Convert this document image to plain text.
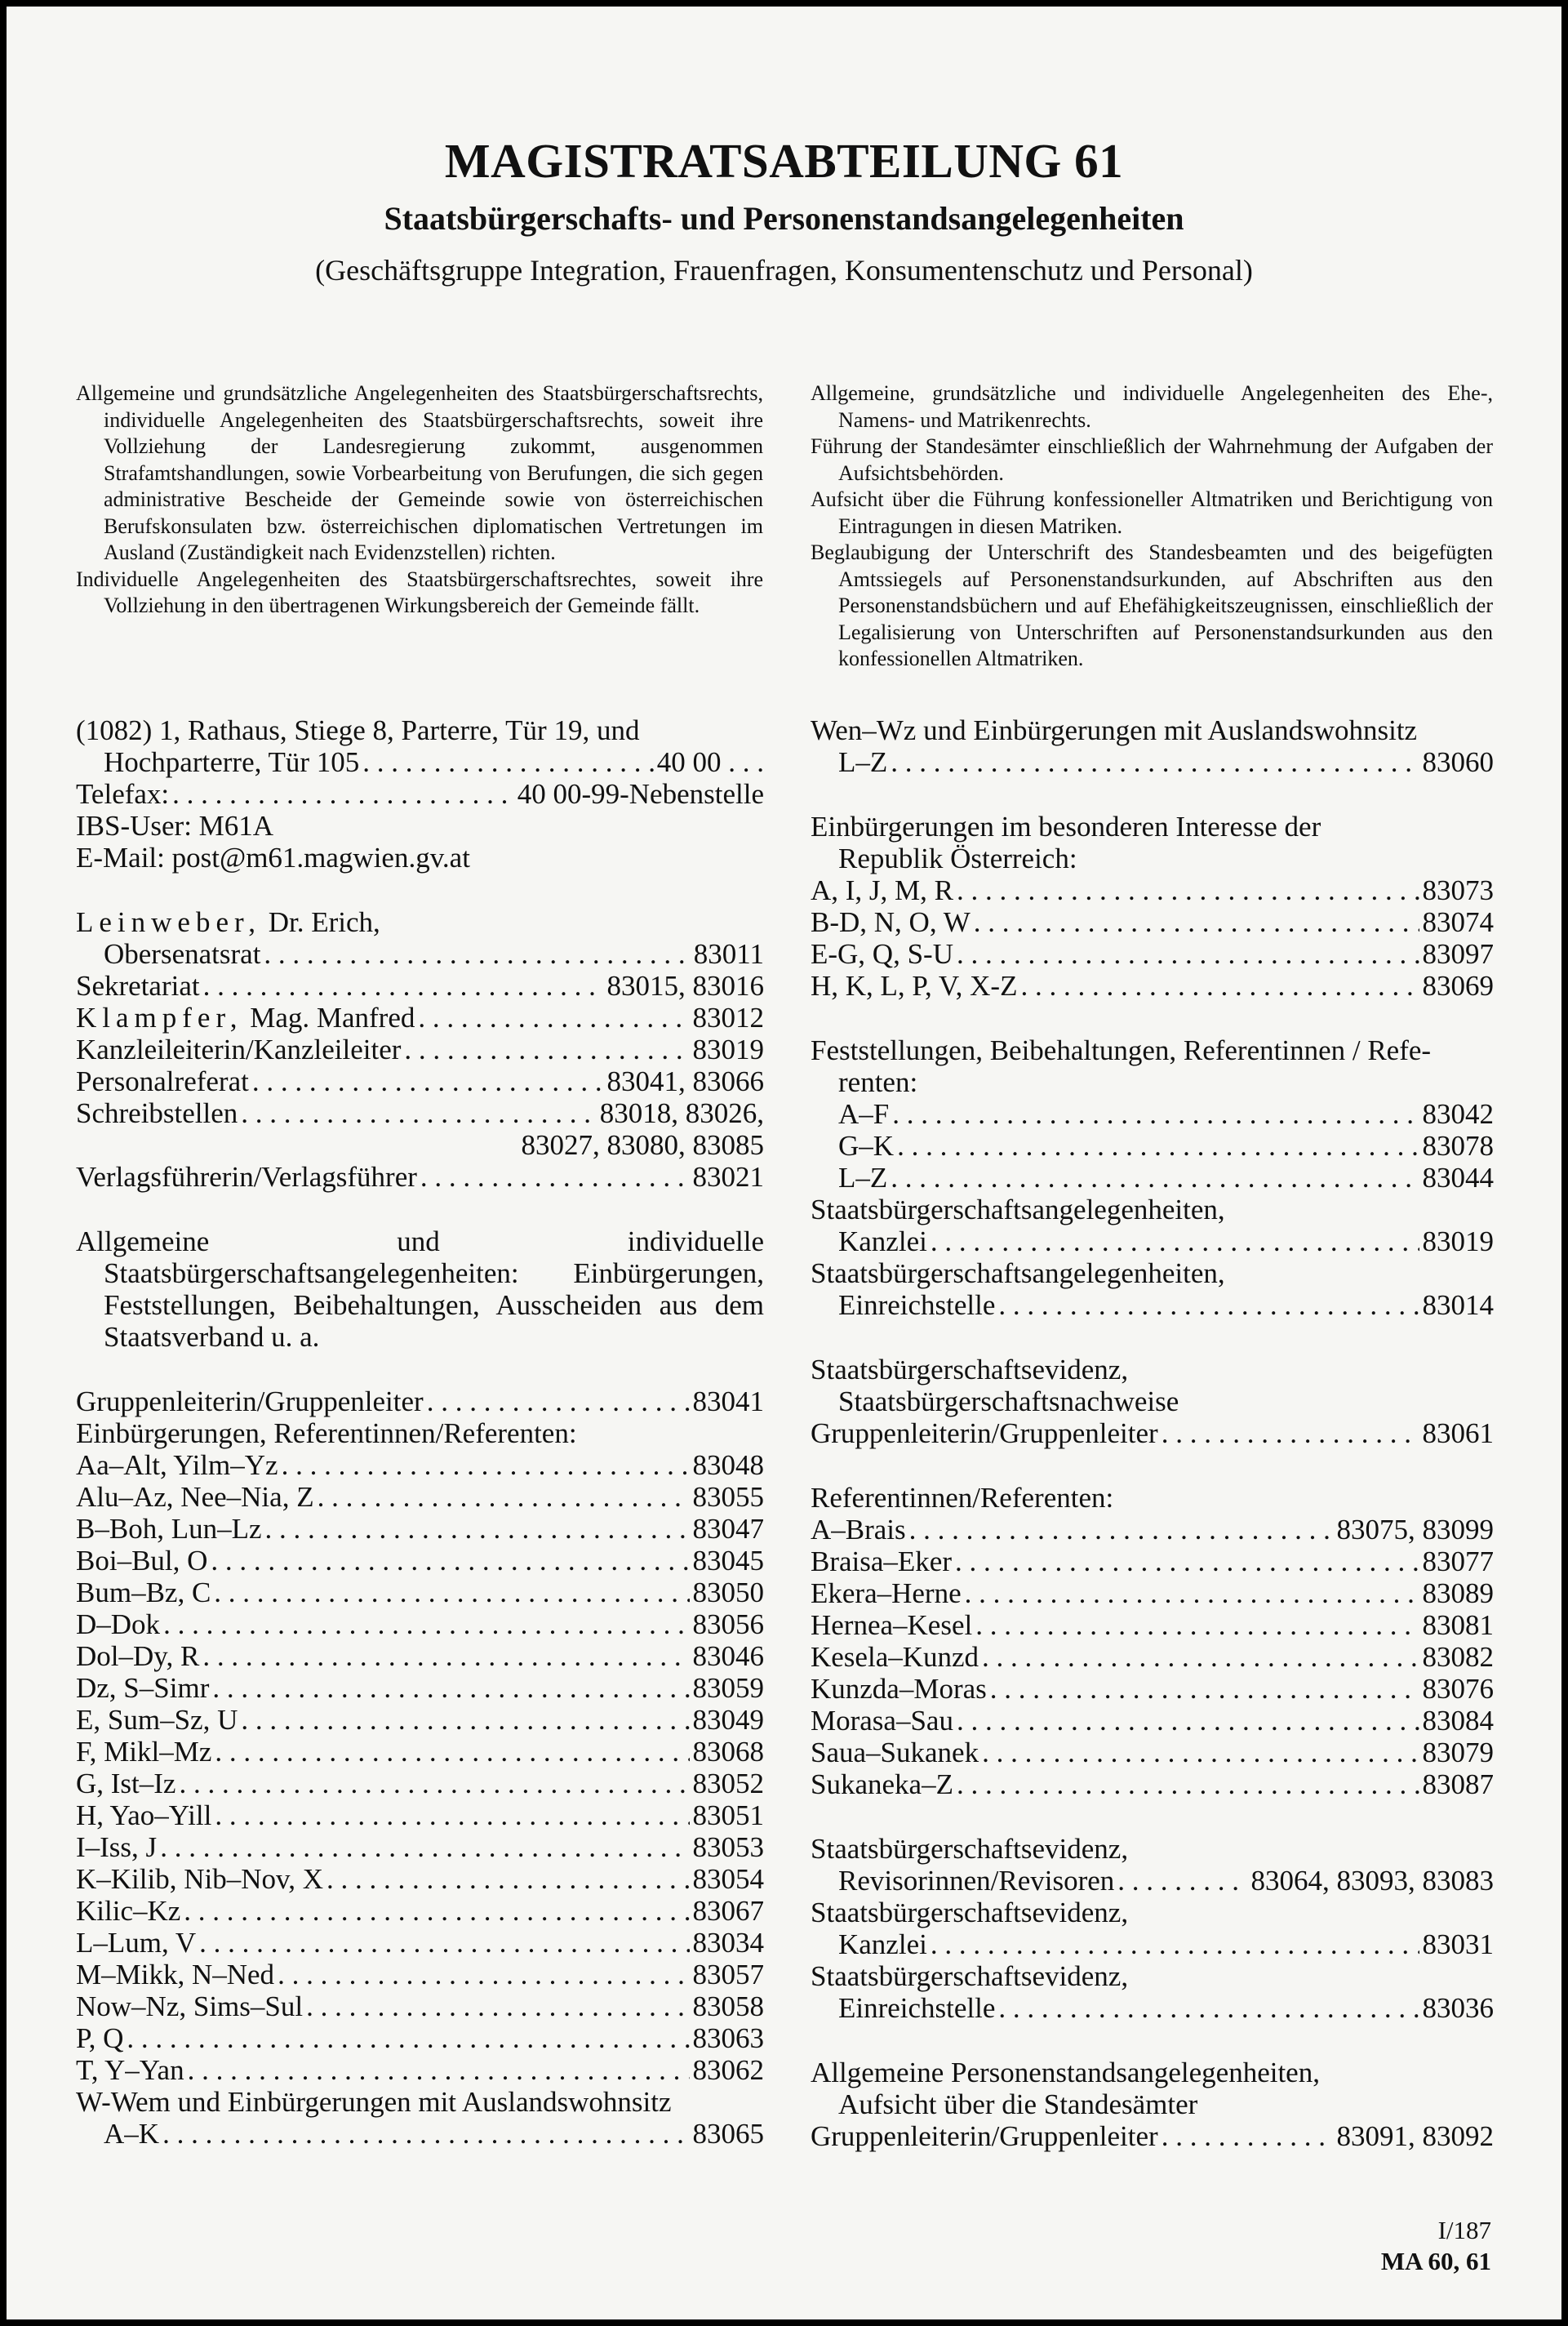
MAGISTRATSABTEILUNG 61
Staatsbürgerschafts- und Personenstandsangelegenheiten
(Geschäftsgruppe Integration, Frauenfragen, Konsumentenschutz und Personal)

Allgemeine und grundsätzliche Angelegenheiten des Staatsbürgerschaftsrechts, individuelle Angelegenheiten des Staatsbürgerschaftsrechts, soweit ihre Vollziehung der Landesregierung zukommt, ausgenommen Strafamtshandlungen, sowie Vorbearbeitung von Berufungen, die sich gegen administrative Bescheide der Gemeinde sowie von österreichischen Berufskonsulaten bzw. österreichischen diplomatischen Vertretungen im Ausland (Zuständigkeit nach Evidenzstellen) richten.

Individuelle Angelegenheiten des Staatsbürgerschaftsrechtes, soweit ihre Vollziehung in den übertragenen Wirkungsbereich der Gemeinde fällt.

Allgemeine, grundsätzliche und individuelle Angelegenheiten des Ehe-, Namens- und Matrikenrechts.

Führung der Standesämter einschließlich der Wahrnehmung der Aufgaben der Aufsichtsbehörden.

Aufsicht über die Führung konfessioneller Altmatriken und Berichtigung von Eintragungen in diesen Matriken.

Beglaubigung der Unterschrift des Standesbeamten und des beigefügten Amtssiegels auf Personenstandsurkunden, auf Abschriften aus den Personenstandsbüchern und auf Ehefähigkeitszeugnissen, einschließlich der Legalisierung von Unterschriften auf Personenstandsurkunden aus den konfessionellen Altmatriken.

(1082) 1, Rathaus, Stiege 8, Parterre, Tür 19, und
Hochparterre, Tür 105 . . .	40 00 . . .
Telefax: . . .	40 00-99-Nebenstelle
IBS-User: M61A
E-Mail: post@m61.magwien.gv.at
Leinweber, Dr. Erich,
Obersenatsrat . . .	83011
Sekretariat . . .	83015, 83016
Klampfer, Mag. Manfred . . .	83012
Kanzleileiterin/Kanzleileiter . . .	83019
Personalreferat . . .	83041, 83066
Schreibstellen . . .	83018, 83026,
83027, 83080, 83085
Verlagsführerin/Verlagsführer . . .	83021
Allgemeine und individuelle Staatsbürgerschaftsangelegenheiten: Einbürgerungen, Feststellungen, Beibehaltungen, Ausscheiden aus dem Staatsverband u. a.
Gruppenleiterin/Gruppenleiter . . .	83041
Einbürgerungen, Referentinnen/Referenten:
Aa–Alt, Yilm–Yz . . .	83048
Alu–Az, Nee–Nia, Z . . .	83055
B–Boh, Lun–Lz . . .	83047
Boi–Bul, O . . .	83045
Bum–Bz, C . . .	83050
D–Dok . . .	83056
Dol–Dy, R . . .	83046
Dz, S–Simr . . .	83059
E, Sum–Sz, U . . .	83049
F, Mikl–Mz . . .	83068
G, Ist–Iz . . .	83052
H, Yao–Yill . . .	83051
I–Iss, J . . .	83053
K–Kilib, Nib–Nov, X . . .	83054
Kilic–Kz . . .	83067
L–Lum, V . . .	83034
M–Mikk, N–Ned . . .	83057
Now–Nz, Sims–Sul . . .	83058
P, Q . . .	83063
T, Y–Yan . . .	83062
W-Wem und Einbürgerungen mit Auslandswohnsitz
A–K . . .	83065
Wen–Wz und Einbürgerungen mit Auslandswohnsitz
L–Z . . .	83060
Einbürgerungen im besonderen Interesse der
Republik Österreich:
A, I, J, M, R . . .	83073
B-D, N, O, W . . .	83074
E-G, Q, S-U . . .	83097
H, K, L, P, V, X-Z . . .	83069
Feststellungen, Beibehaltungen, Referentinnen / Refe-
renten:
A–F . . .	83042
G–K . . .	83078
L–Z . . .	83044
Staatsbürgerschaftsangelegenheiten,
Kanzlei . . .	83019
Staatsbürgerschaftsangelegenheiten,
Einreichstelle . . .	83014
Staatsbürgerschaftsevidenz,
Staatsbürgerschaftsnachweise
Gruppenleiterin/Gruppenleiter . . .	83061
Referentinnen/Referenten:
A–Brais . . .	83075, 83099
Braisa–Eker . . .	83077
Ekera–Herne . . .	83089
Hernea–Kesel . . .	83081
Kesela–Kunzd . . .	83082
Kunzda–Moras . . .	83076
Morasa–Sau . . .	83084
Saua–Sukanek . . .	83079
Sukaneka–Z . . .	83087
Staatsbürgerschaftsevidenz,
Revisorinnen/Revisoren . . .	83064, 83093, 83083
Staatsbürgerschaftsevidenz,
Kanzlei . . .	83031
Staatsbürgerschaftsevidenz,
Einreichstelle . . .	83036
Allgemeine Personenstandsangelegenheiten,
Aufsicht über die Standesämter
Gruppenleiterin/Gruppenleiter . . .	83091, 83092
I/187
MA 60, 61
